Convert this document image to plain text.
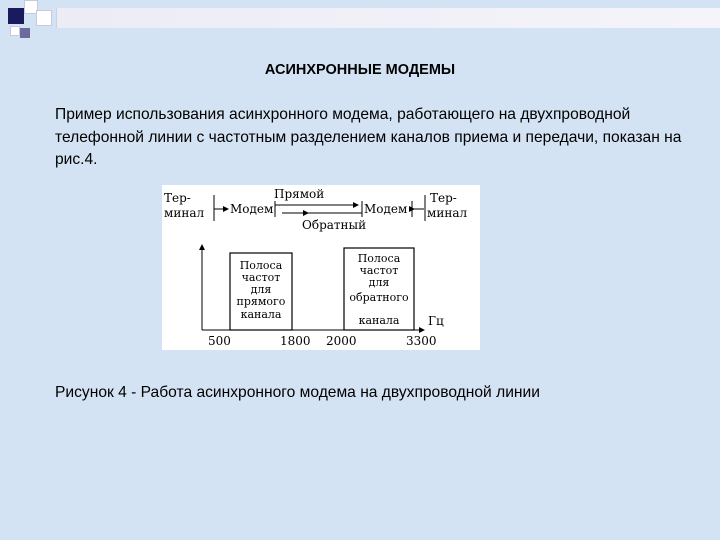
АСИНХРОННЫЕ МОДЕМЫ
Пример использования асинхронного модема, работающего на двухпроводной телефонной линии с частотным разделением каналов приема и передачи, показан на рис.4.
Тер-
минал Модем
Прямой
Обратный
Модем
Тер-
минал
Гц
Полоса
частот
для
прямого
канала
Полоса
частот
для
обратного
канала
500	1800 2000	3300
Рисунок 4 - Работа асинхронного модема на двухпроводной линии
